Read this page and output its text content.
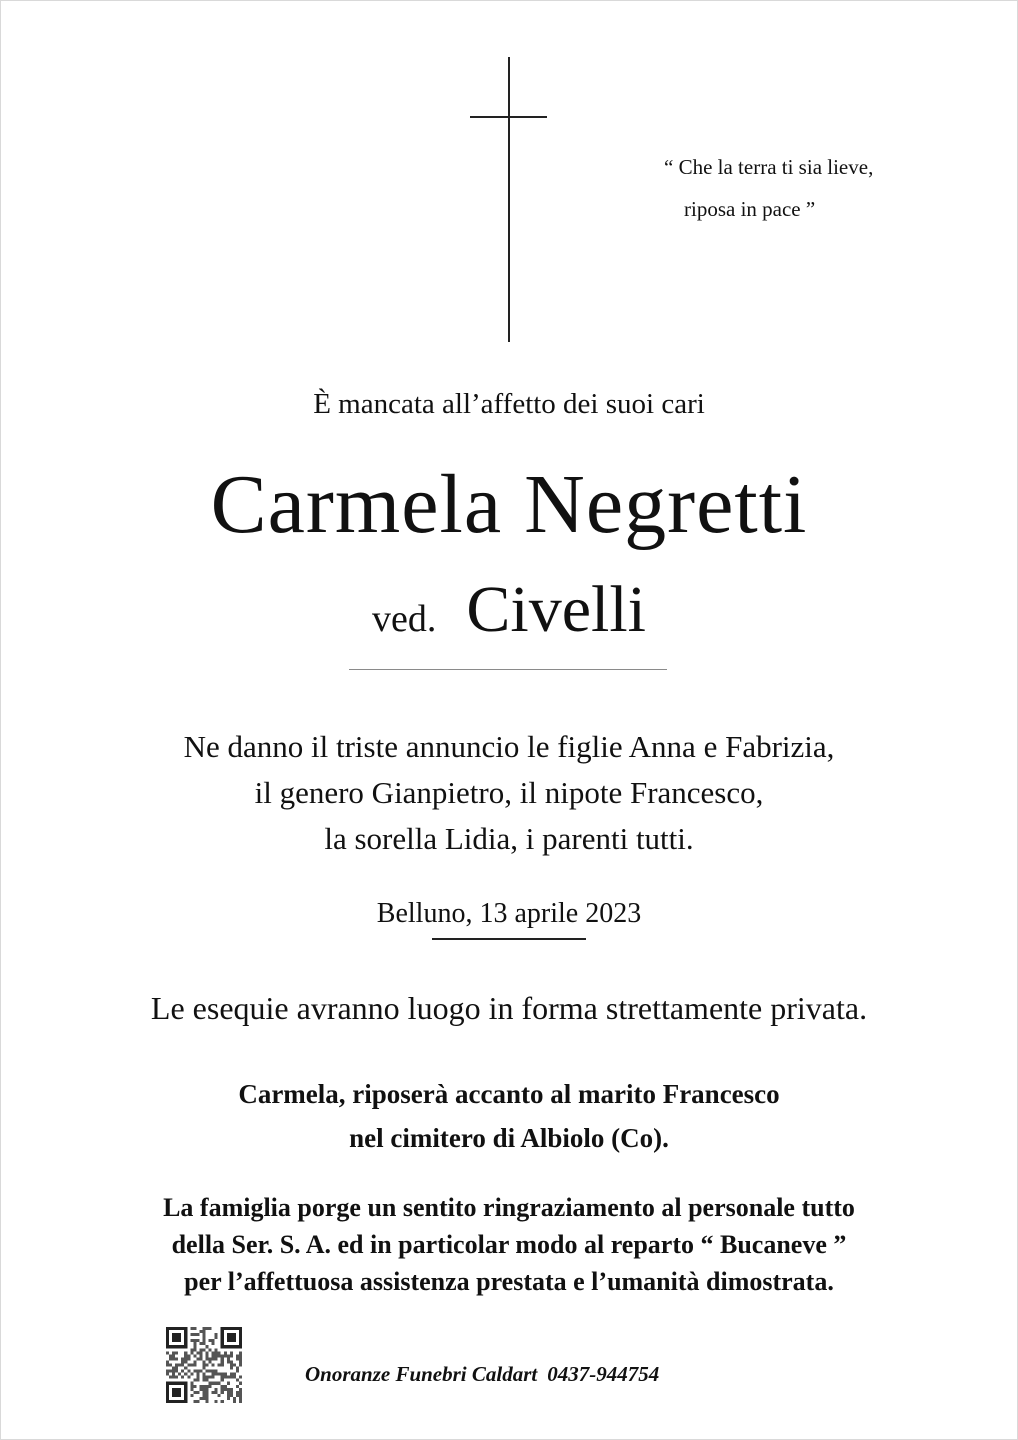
“ Che la terra ti sia lieve,
riposa in pace ”
È mancata all’affetto dei suoi cari
Carmela Negretti
ved. Civelli
Ne danno il triste annuncio le figlie Anna e Fabrizia,
il genero Gianpietro, il nipote Francesco,
la sorella Lidia, i parenti tutti.
Belluno, 13 aprile 2023
Le esequie avranno luogo in forma strettamente privata.
Carmela, riposerà accanto al marito Francesco
nel cimitero di Albiolo (Co).
La famiglia porge un sentito ringraziamento al personale tutto
della Ser. S. A. ed in particolar modo al reparto “ Bucaneve ”
per l’affettuosa assistenza prestata e l’umanità dimostrata.
Onoranze Funebri Caldart 0437-944754
